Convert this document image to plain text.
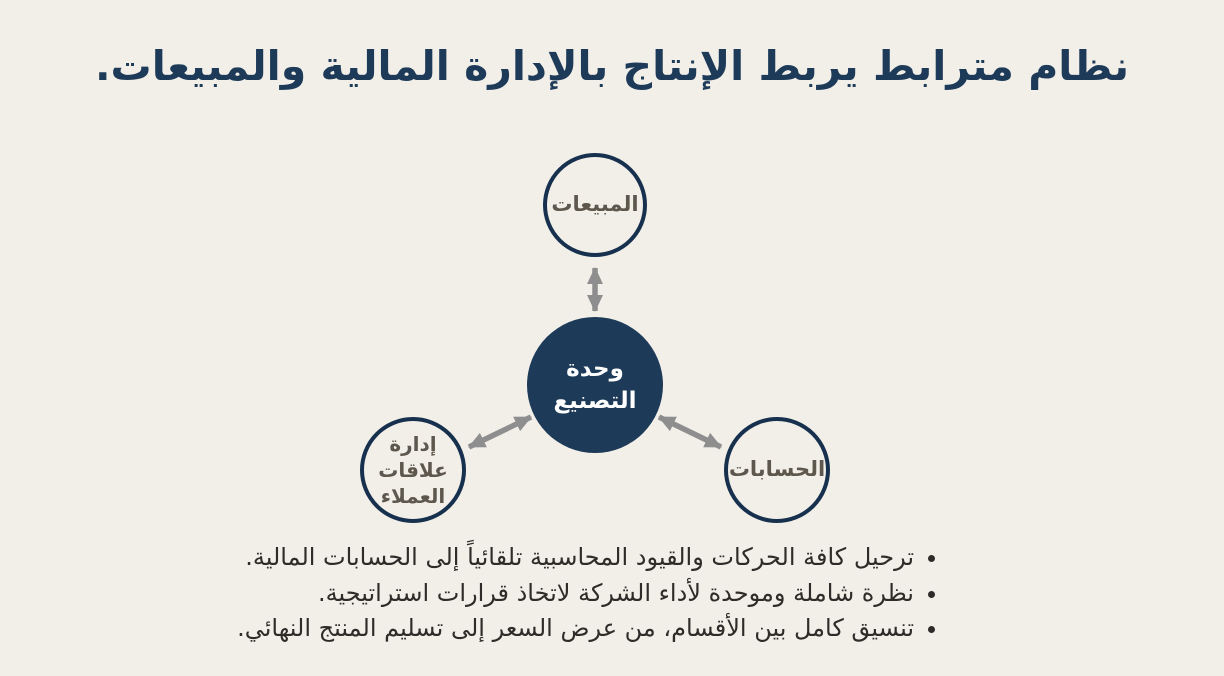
نظام مترابط يربط الإنتاج بالإدارة المالية والمبيعات.
المبيعات
وحدة التصنيع
إدارة علاقات العملاء
الحسابات
• ترحيل كافة الحركات والقيود المحاسبية تلقائياً إلى الحسابات المالية.
• نظرة شاملة وموحدة لأداء الشركة لاتخاذ قرارات استراتيجية.
• تنسيق كامل بين الأقسام، من عرض السعر إلى تسليم المنتج النهائي.
